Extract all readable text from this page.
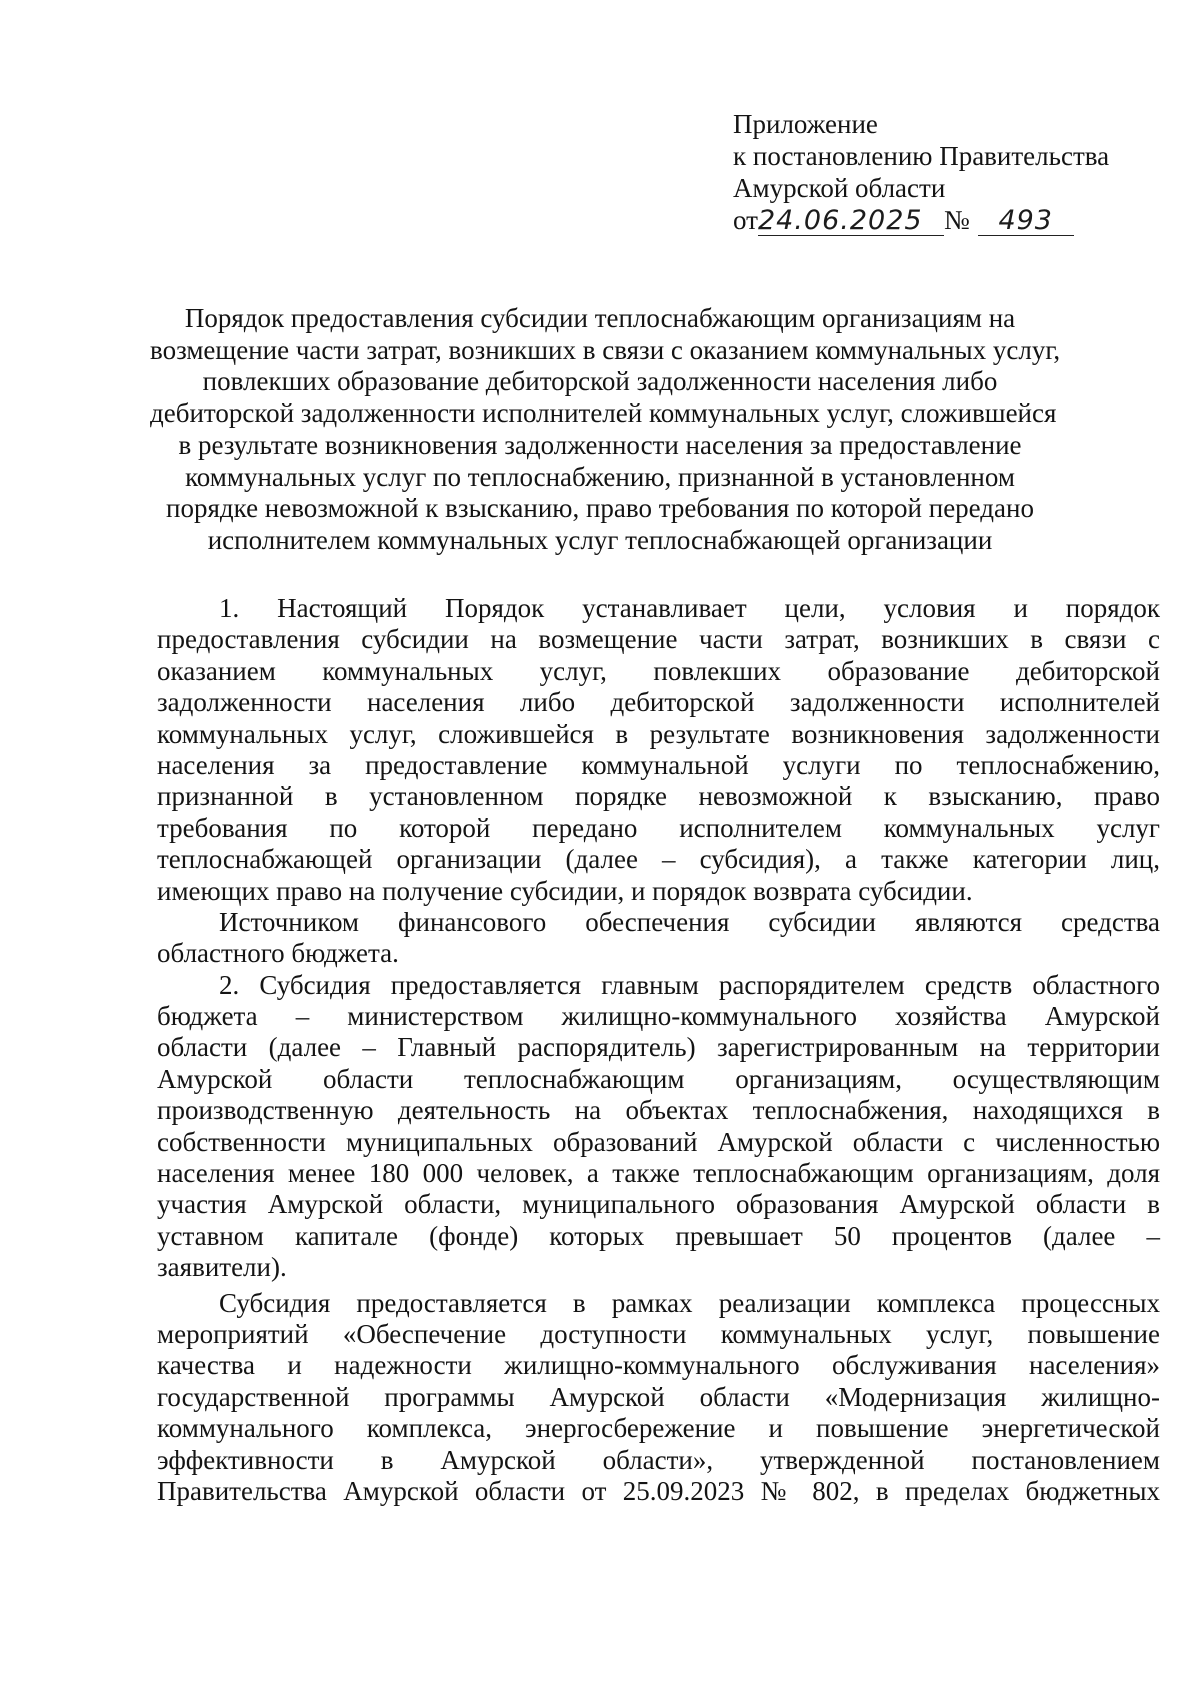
Приложение
к постановлению Правительства
Амурской области
от24.06.2025 № 493
Порядок предоставления субсидии теплоснабжающим организациям на
возмещение части затрат, возникших в связи с оказанием коммунальных услуг,
повлекших образование дебиторской задолженности населения либо
дебиторской задолженности исполнителей коммунальных услуг, сложившейся
в результате возникновения задолженности населения за предоставление
коммунальных услуг по теплоснабжению, признанной в установленном
порядке невозможной к взысканию, право требования по которой передано
исполнителем коммунальных услуг теплоснабжающей организации
1. Настоящий Порядок устанавливает цели, условия и порядок
предоставления субсидии на возмещение части затрат, возникших в связи с
оказанием коммунальных услуг, повлекших образование дебиторской
задолженности населения либо дебиторской задолженности исполнителей
коммунальных услуг, сложившейся в результате возникновения задолженности
населения за предоставление коммунальной услуги по теплоснабжению,
признанной в установленном порядке невозможной к взысканию, право
требования по которой передано исполнителем коммунальных услуг
теплоснабжающей организации (далее – субсидия), а также категории лиц,
имеющих право на получение субсидии, и порядок возврата субсидии.
Источником финансового обеспечения субсидии являются средства
областного бюджета.
2. Субсидия предоставляется главным распорядителем средств областного
бюджета – министерством жилищно-коммунального хозяйства Амурской
области (далее – Главный распорядитель) зарегистрированным на территории
Амурской области теплоснабжающим организациям, осуществляющим
производственную деятельность на объектах теплоснабжения, находящихся в
собственности муниципальных образований Амурской области с численностью
населения менее 180 000 человек, а также теплоснабжающим организациям, доля
участия Амурской области, муниципального образования Амурской области в
уставном капитале (фонде) которых превышает 50 процентов (далее –
заявители).
Субсидия предоставляется в рамках реализации комплекса процессных
мероприятий «Обеспечение доступности коммунальных услуг, повышение
качества и надежности жилищно-коммунального обслуживания населения»
государственной программы Амурской области «Модернизация жилищно-
коммунального комплекса, энергосбережение и повышение энергетической
эффективности в Амурской области», утвержденной постановлением
Правительства Амурской области от 25.09.2023 № 802, в пределах бюджетных
